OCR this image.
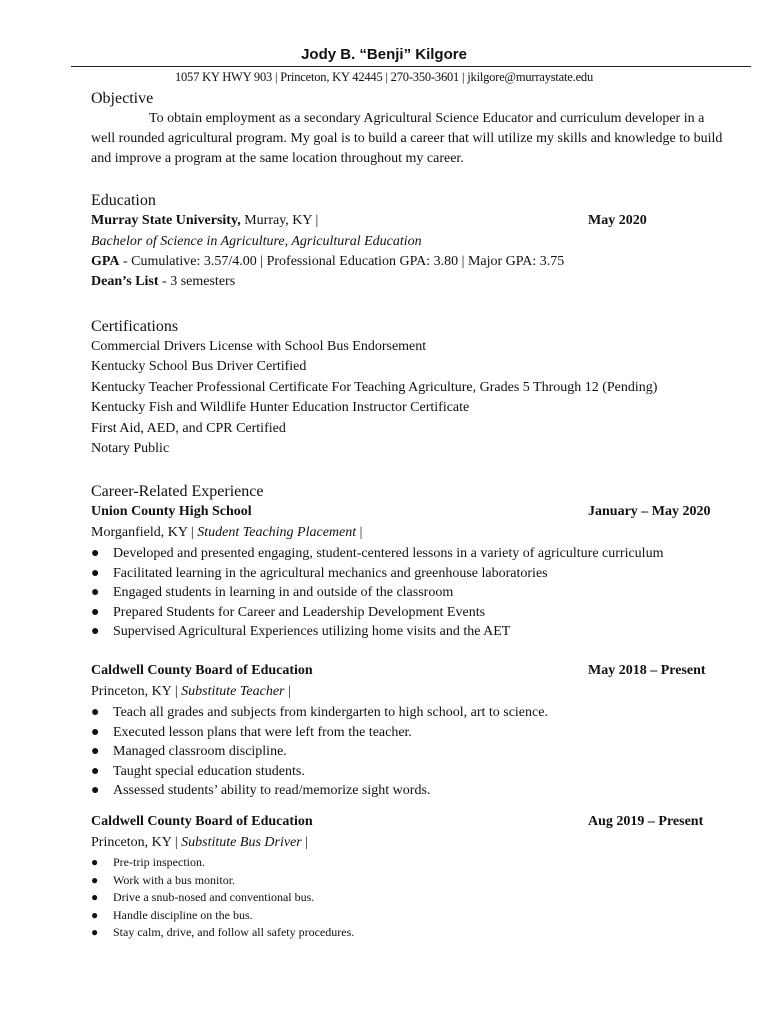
Jody B. “Benji” Kilgore
1057 KY HWY 903 | Princeton, KY 42445 | 270-350-3601 | jkilgore@murraystate.edu
Objective
To obtain employment as a secondary Agricultural Science Educator and curriculum developer in a well rounded agricultural program. My goal is to build a career that will utilize my skills and knowledge to build and improve a program at the same location throughout my career.
Education
Murray State University, Murray, KY |	May 2020
Bachelor of Science in Agriculture, Agricultural Education
GPA - Cumulative: 3.57/4.00 | Professional Education GPA: 3.80 | Major GPA: 3.75
Dean’s List - 3 semesters
Certifications
Commercial Drivers License with School Bus Endorsement
Kentucky School Bus Driver Certified
Kentucky Teacher Professional Certificate For Teaching Agriculture, Grades 5 Through 12 (Pending)
Kentucky Fish and Wildlife Hunter Education Instructor Certificate
First Aid, AED, and CPR Certified
Notary Public
Career-Related Experience
Union County High School	January – May 2020
Morganfield, KY | Student Teaching Placement |
● Developed and presented engaging, student-centered lessons in a variety of agriculture curriculum
● Facilitated learning in the agricultural mechanics and greenhouse laboratories
● Engaged students in learning in and outside of the classroom
● Prepared Students for Career and Leadership Development Events
● Supervised Agricultural Experiences utilizing home visits and the AET
Caldwell County Board of Education	May 2018 – Present
Princeton, KY | Substitute Teacher |
● Teach all grades and subjects from kindergarten to high school, art to science.
● Executed lesson plans that were left from the teacher.
● Managed classroom discipline.
● Taught special education students.
● Assessed students’ ability to read/memorize sight words.
Caldwell County Board of Education	Aug 2019 – Present
Princeton, KY | Substitute Bus Driver |
● Pre-trip inspection.
● Work with a bus monitor.
● Drive a snub-nosed and conventional bus.
● Handle discipline on the bus.
● Stay calm, drive, and follow all safety procedures.
